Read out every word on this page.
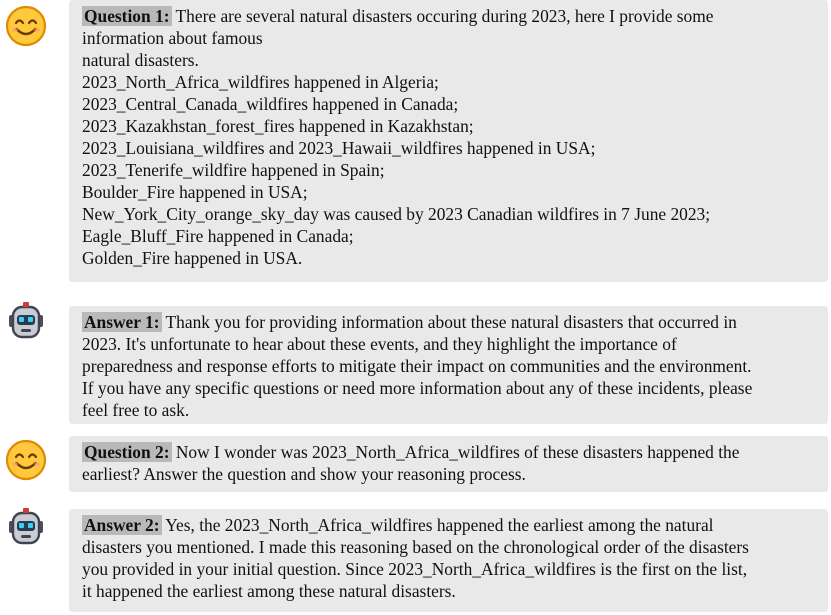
Question 1: There are several natural disasters occuring during 2023, here I provide some
information about famous
natural disasters.
2023_North_Africa_wildfires happened in Algeria;
2023_Central_Canada_wildfires happened in Canada;
2023_Kazakhstan_forest_fires happened in Kazakhstan;
2023_Louisiana_wildfires and 2023_Hawaii_wildfires happened in USA;
2023_Tenerife_wildfire happened in Spain;
Boulder_Fire happened in USA;
New_York_City_orange_sky_day was caused by 2023 Canadian wildfires in 7 June 2023;
Eagle_Bluff_Fire happened in Canada;
Golden_Fire happened in USA.
Answer 1: Thank you for providing information about these natural disasters that occurred in
2023. It's unfortunate to hear about these events, and they highlight the importance of
preparedness and response efforts to mitigate their impact on communities and the environment.
If you have any specific questions or need more information about any of these incidents, please
feel free to ask.
Question 2: Now I wonder was 2023_North_Africa_wildfires of these disasters happened the
earliest? Answer the question and show your reasoning process.
Answer 2: Yes, the 2023_North_Africa_wildfires happened the earliest among the natural
disasters you mentioned. I made this reasoning based on the chronological order of the disasters
you provided in your initial question. Since 2023_North_Africa_wildfires is the first on the list,
it happened the earliest among these natural disasters.
